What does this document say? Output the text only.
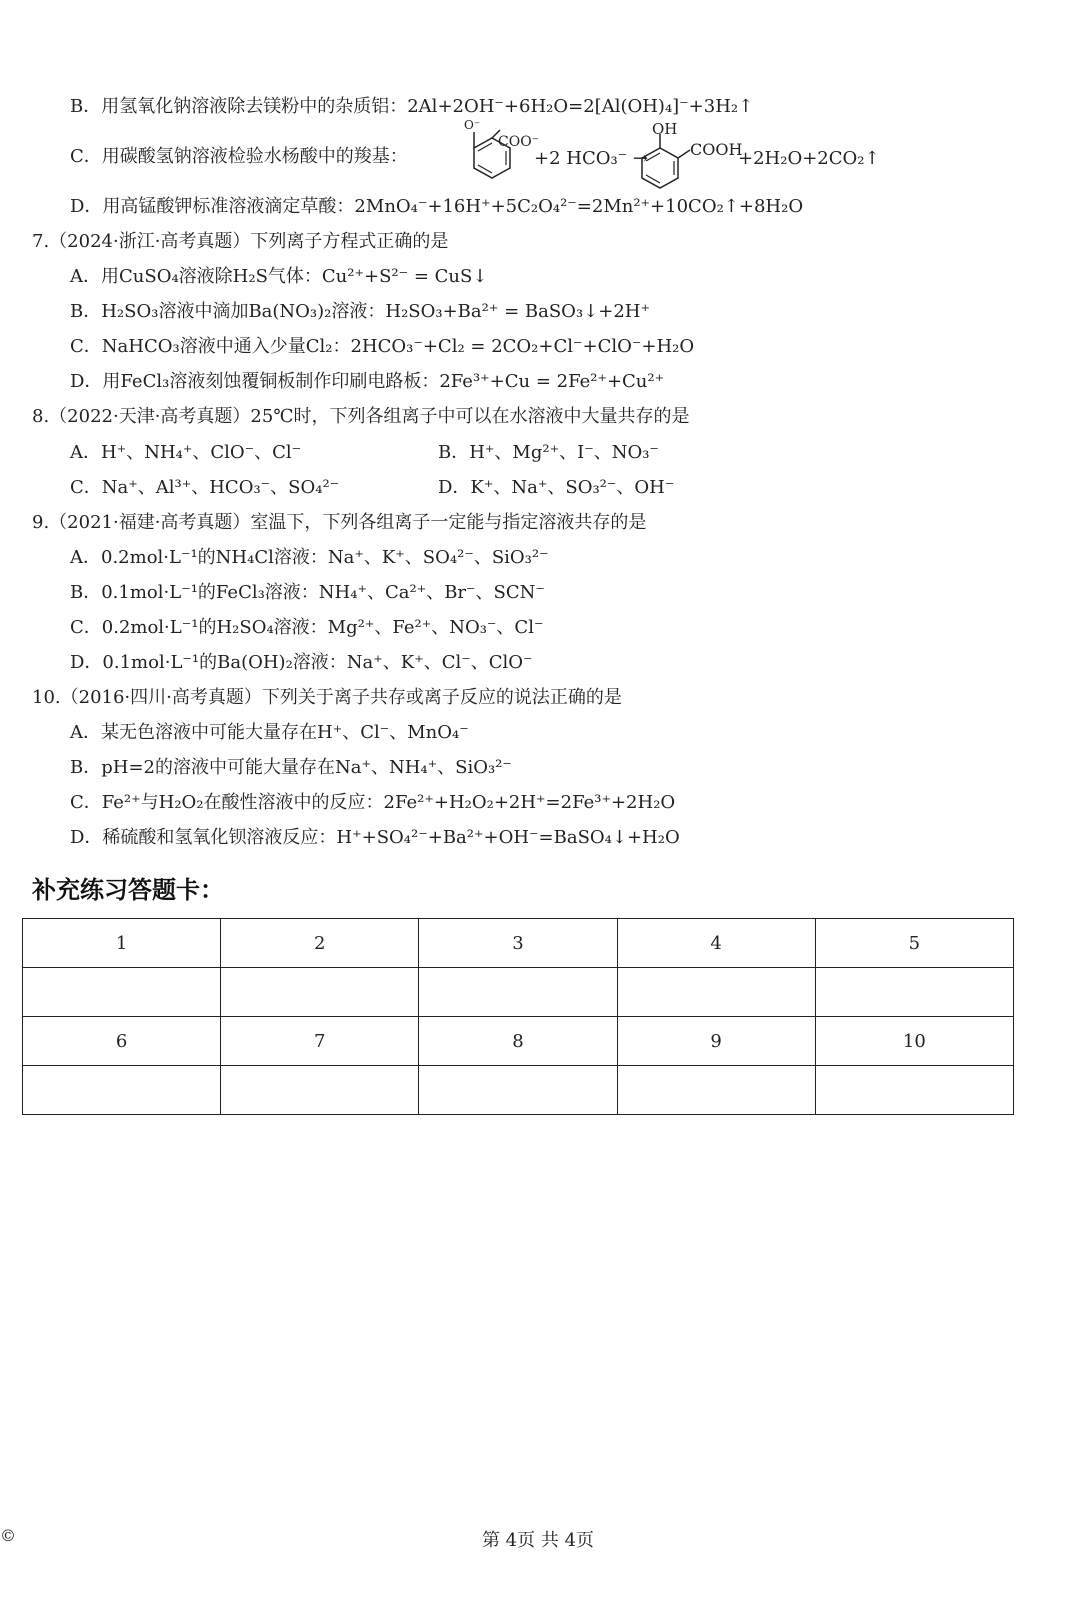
B．用氢氧化钠溶液除去镁粉中的杂质铝：2Al+2OH⁻+6H₂O=2[Al(OH)₄]⁻+3H₂↑
C．用碳酸氢钠溶液检验水杨酸中的羧基：
O⁻
COO⁻
+2 HCO₃⁻ →
OH
COOH
+2H₂O+2CO₂↑
D．用高锰酸钾标准溶液滴定草酸：2MnO₄⁻+16H⁺+5C₂O₄²⁻=2Mn²⁺+10CO₂↑+8H₂O
7.（2024·浙江·高考真题）下列离子方程式正确的是
A．用CuSO₄溶液除H₂S气体：Cu²⁺+S²⁻ = CuS↓
B．H₂SO₃溶液中滴加Ba(NO₃)₂溶液：H₂SO₃+Ba²⁺ = BaSO₃↓+2H⁺
C．NaHCO₃溶液中通入少量Cl₂：2HCO₃⁻+Cl₂ = 2CO₂+Cl⁻+ClO⁻+H₂O
D．用FeCl₃溶液刻蚀覆铜板制作印刷电路板：2Fe³⁺+Cu = 2Fe²⁺+Cu²⁺
8.（2022·天津·高考真题）25℃时，下列各组离子中可以在水溶液中大量共存的是
A．H⁺、NH₄⁺、ClO⁻、Cl⁻	B．H⁺、Mg²⁺、I⁻、NO₃⁻
C．Na⁺、Al³⁺、HCO₃⁻、SO₄²⁻	D．K⁺、Na⁺、SO₃²⁻、OH⁻
9.（2021·福建·高考真题）室温下，下列各组离子一定能与指定溶液共存的是
A．0.2mol·L⁻¹的NH₄Cl溶液：Na⁺、K⁺、SO₄²⁻、SiO₃²⁻
B．0.1mol·L⁻¹的FeCl₃溶液：NH₄⁺、Ca²⁺、Br⁻、SCN⁻
C．0.2mol·L⁻¹的H₂SO₄溶液：Mg²⁺、Fe²⁺、NO₃⁻、Cl⁻
D．0.1mol·L⁻¹的Ba(OH)₂溶液：Na⁺、K⁺、Cl⁻、ClO⁻
10.（2016·四川·高考真题）下列关于离子共存或离子反应的说法正确的是
A．某无色溶液中可能大量存在H⁺、Cl⁻、MnO₄⁻
B．pH=2的溶液中可能大量存在Na⁺、NH₄⁺、SiO₃²⁻
C．Fe²⁺与H₂O₂在酸性溶液中的反应：2Fe²⁺+H₂O₂+2H⁺=2Fe³⁺+2H₂O
D．稀硫酸和氢氧化钡溶液反应：H⁺+SO₄²⁻+Ba²⁺+OH⁻=BaSO₄↓+H₂O
补充练习答题卡：
1	2	3	4	5

6	7	8	9	10

©	第 4页 共 4页
